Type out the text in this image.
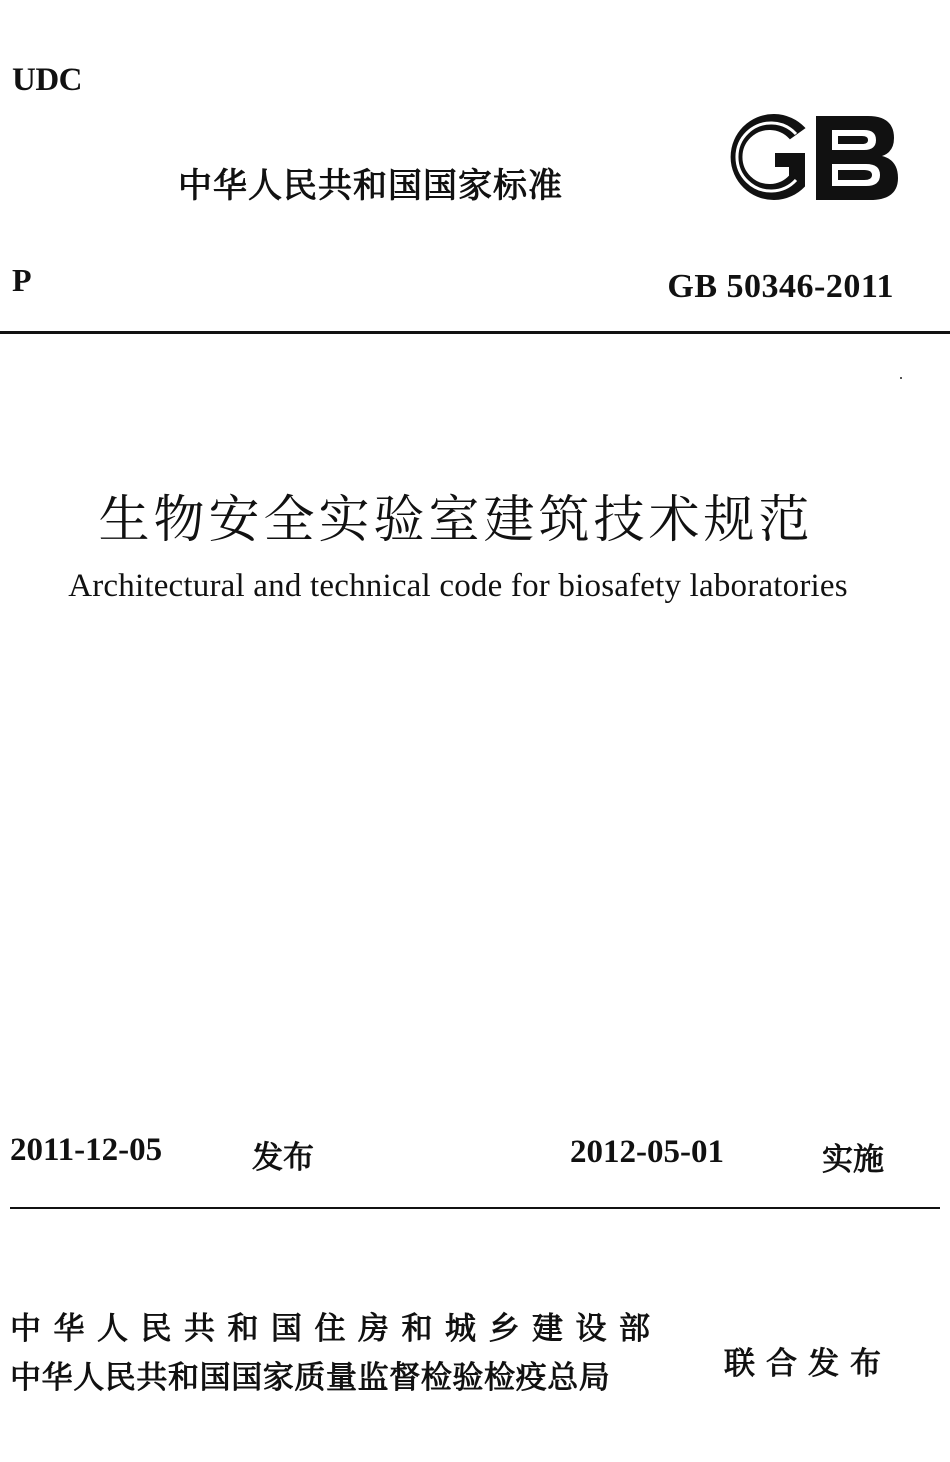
UDC
中华人民共和国国家标准
P	GB 50346-2011
生物安全实验室建筑技术规范
Architectural and technical code for biosafety laboratories
2011-12-05	发布	2012-05-01	实施
中华人民共和国住房和城乡建设部
中华人民共和国国家质量监督检验检疫总局	联合发布
